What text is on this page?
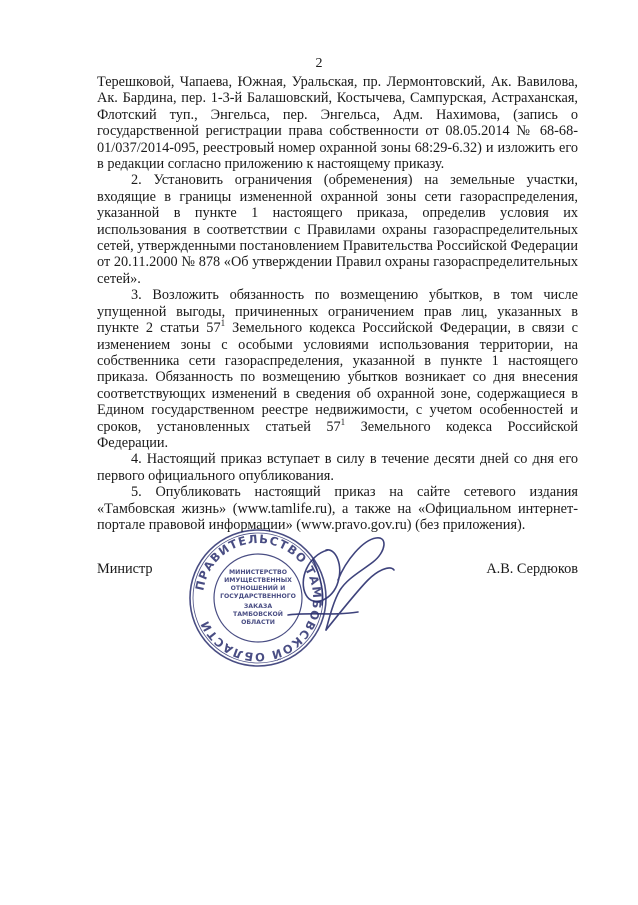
2

Терешковой, Чапаева, Южная, Уральская, пр. Лермонтовский, Ак. Вавилова, Ак. Бардина, пер. 1-3-й Балашовский, Костычева, Сампурская, Астраханская, Флотский туп., Энгельса, пер. Энгельса, Адм. Нахимова, (запись о государственной регистрации права собственности от 08.05.2014 № 68-68-01/037/2014-095, реестровый номер охранной зоны 68:29-6.32) и изложить его в редакции согласно приложению к настоящему приказу.

2. Установить ограничения (обременения) на земельные участки, входящие в границы измененной охранной зоны сети газораспределения, указанной в пункте 1 настоящего приказа, определив условия их использования в соответствии с Правилами охраны газораспределительных сетей, утвержденными постановлением Правительства Российской Федерации от 20.11.2000 № 878 «Об утверждении Правил охраны газораспределительных сетей».

3. Возложить обязанность по возмещению убытков, в том числе упущенной выгоды, причиненных ограничением прав лиц, указанных в пункте 2 статьи $57^1$ Земельного кодекса Российской Федерации, в связи с изменением зоны с особыми условиями использования территории, на собственника сети газораспределения, указанной в пункте 1 настоящего приказа. Обязанность по возмещению убытков возникает со дня внесения соответствующих изменений в сведения об охранной зоне, содержащиеся в Едином государственном реестре недвижимости, с учетом особенностей и сроков, установленных статьей $57^1$ Земельного кодекса Российской Федерации.

4. Настоящий приказ вступает в силу в течение десяти дней со дня его первого официального опубликования.

5. Опубликовать настоящий приказ на сайте сетевого издания «Тамбовская жизнь» (www.tamlife.ru), а также на «Официальном интернет-портале правовой информации» (www.pravo.gov.ru) (без приложения).

ПРАВИТЕЛЬСТВО ТАМБОВСКОЙ ОБЛАСТИ
МИНИСТЕРСТВО
ИМУЩЕСТВЕННЫХ
ОТНОШЕНИЙ И
ГОСУДАРСТВЕННОГО
ЗАКАЗА
ТАМБОВСКОЙ
ОБЛАСТИ
Министр	А.В. Сердюков
